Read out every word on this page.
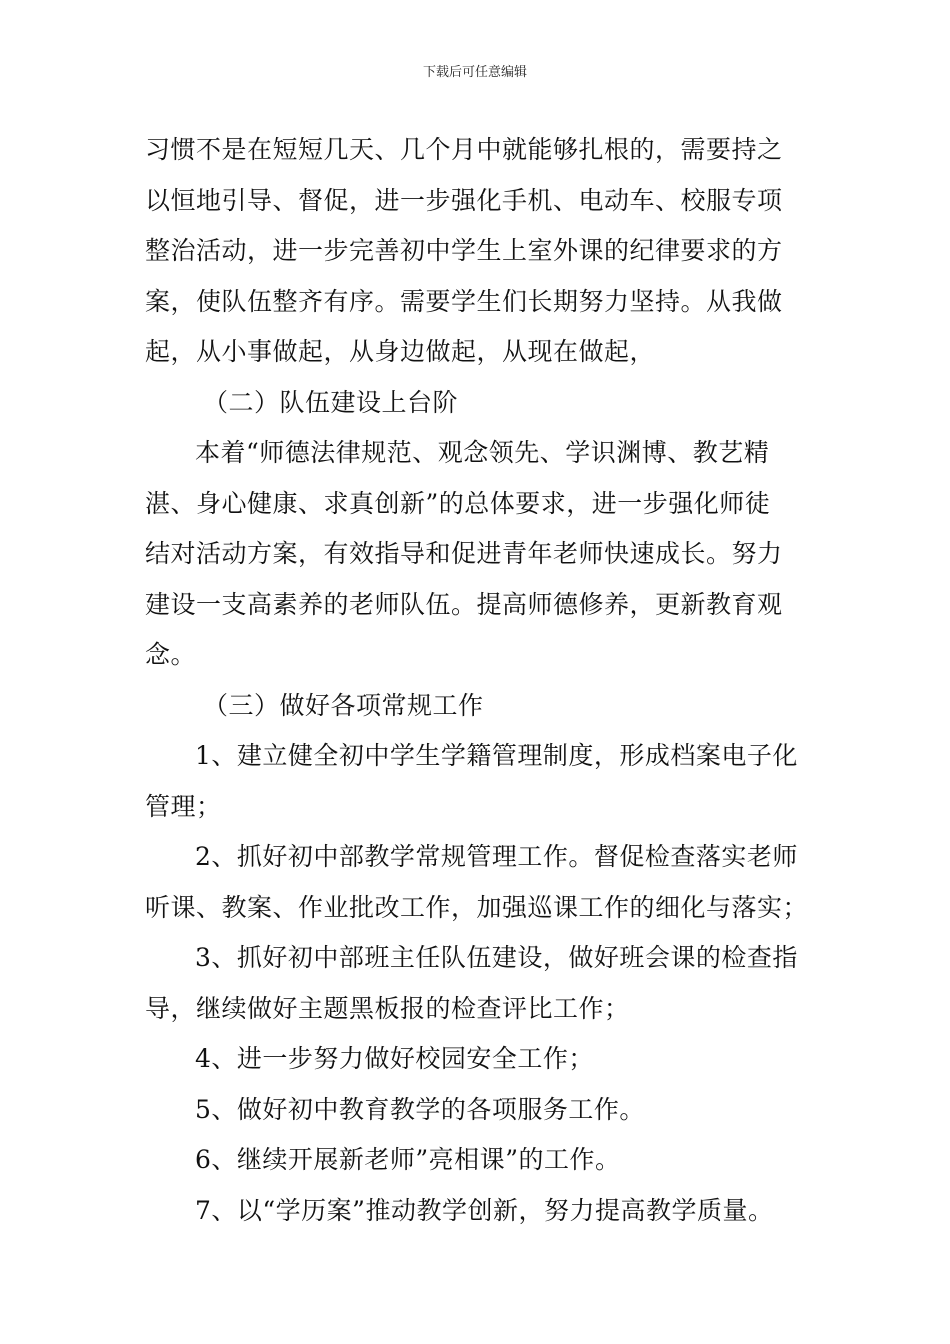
下载后可任意编辑
习惯不是在短短几天、几个月中就能够扎根的，需要持之
以恒地引导、督促，进一步强化手机、电动车、校服专项
整治活动，进一步完善初中学生上室外课的纪律要求的方
案，使队伍整齐有序。需要学生们长期努力坚持。从我做
起，从小事做起，从身边做起，从现在做起，
（二）队伍建设上台阶
本着“师德法律规范、观念领先、学识渊博、教艺精
湛、身心健康、求真创新”的总体要求，进一步强化师徒
结对活动方案，有效指导和促进青年老师快速成长。努力
建设一支高素养的老师队伍。提高师德修养，更新教育观
念。
（三）做好各项常规工作
1、建立健全初中学生学籍管理制度，形成档案电子化
管理；
2、抓好初中部教学常规管理工作。督促检查落实老师
听课、教案、作业批改工作，加强巡课工作的细化与落实；
3、抓好初中部班主任队伍建设，做好班会课的检查指
导，继续做好主题黑板报的检查评比工作；
4、进一步努力做好校园安全工作；
5、做好初中教育教学的各项服务工作。
6、继续开展新老师”亮相课”的工作。
7、以“学历案”推动教学创新，努力提高教学质量。
